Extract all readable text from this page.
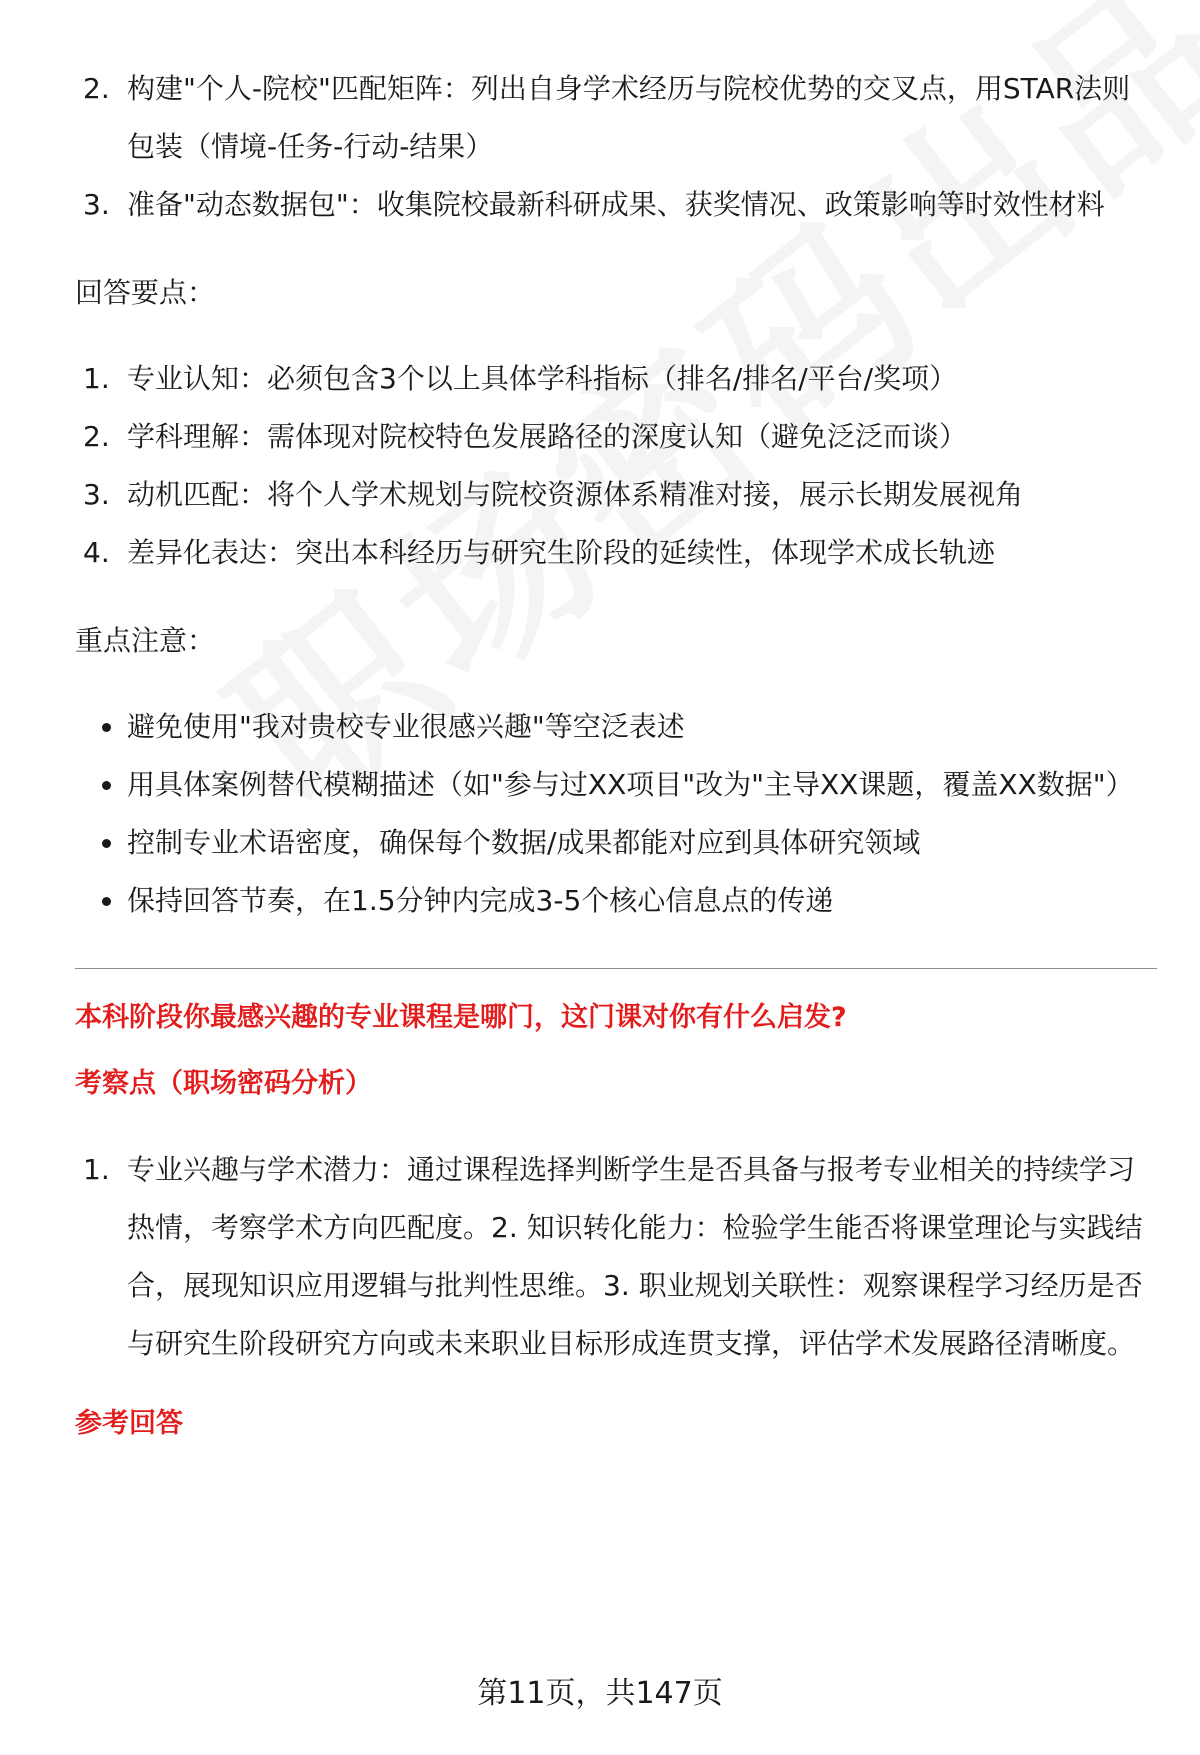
2. 构建"个人-院校"匹配矩阵：列出自身学术经历与院校优势的交叉点，用STAR法则包装（情境-任务-行动-结果）
3. 准备"动态数据包"：收集院校最新科研成果、获奖情况、政策影响等时效性材料

回答要点：

1. 专业认知：必须包含3个以上具体学科指标（排名/排名/平台/奖项）
2. 学科理解：需体现对院校特色发展路径的深度认知（避免泛泛而谈）
3. 动机匹配：将个人学术规划与院校资源体系精准对接，展示长期发展视角
4. 差异化表达：突出本科经历与研究生阶段的延续性，体现学术成长轨迹

重点注意：

避免使用"我对贵校专业很感兴趣"等空泛表述
用具体案例替代模糊描述（如"参与过XX项目"改为"主导XX课题，覆盖XX数据"）
控制专业术语密度，确保每个数据/成果都能对应到具体研究领域
保持回答节奏，在1.5分钟内完成3-5个核心信息点的传递

本科阶段你最感兴趣的专业课程是哪门，这门课对你有什么启发?

考察点（职场密码分析）

1. 专业兴趣与学术潜力：通过课程选择判断学生是否具备与报考专业相关的持续学习热情，考察学术方向匹配度。2. 知识转化能力：检验学生能否将课堂理论与实践结合，展现知识应用逻辑与批判性思维。3. 职业规划关联性：观察课程学习经历是否与研究生阶段研究方向或未来职业目标形成连贯支撑，评估学术发展路径清晰度。

参考回答

第11页，共147页
